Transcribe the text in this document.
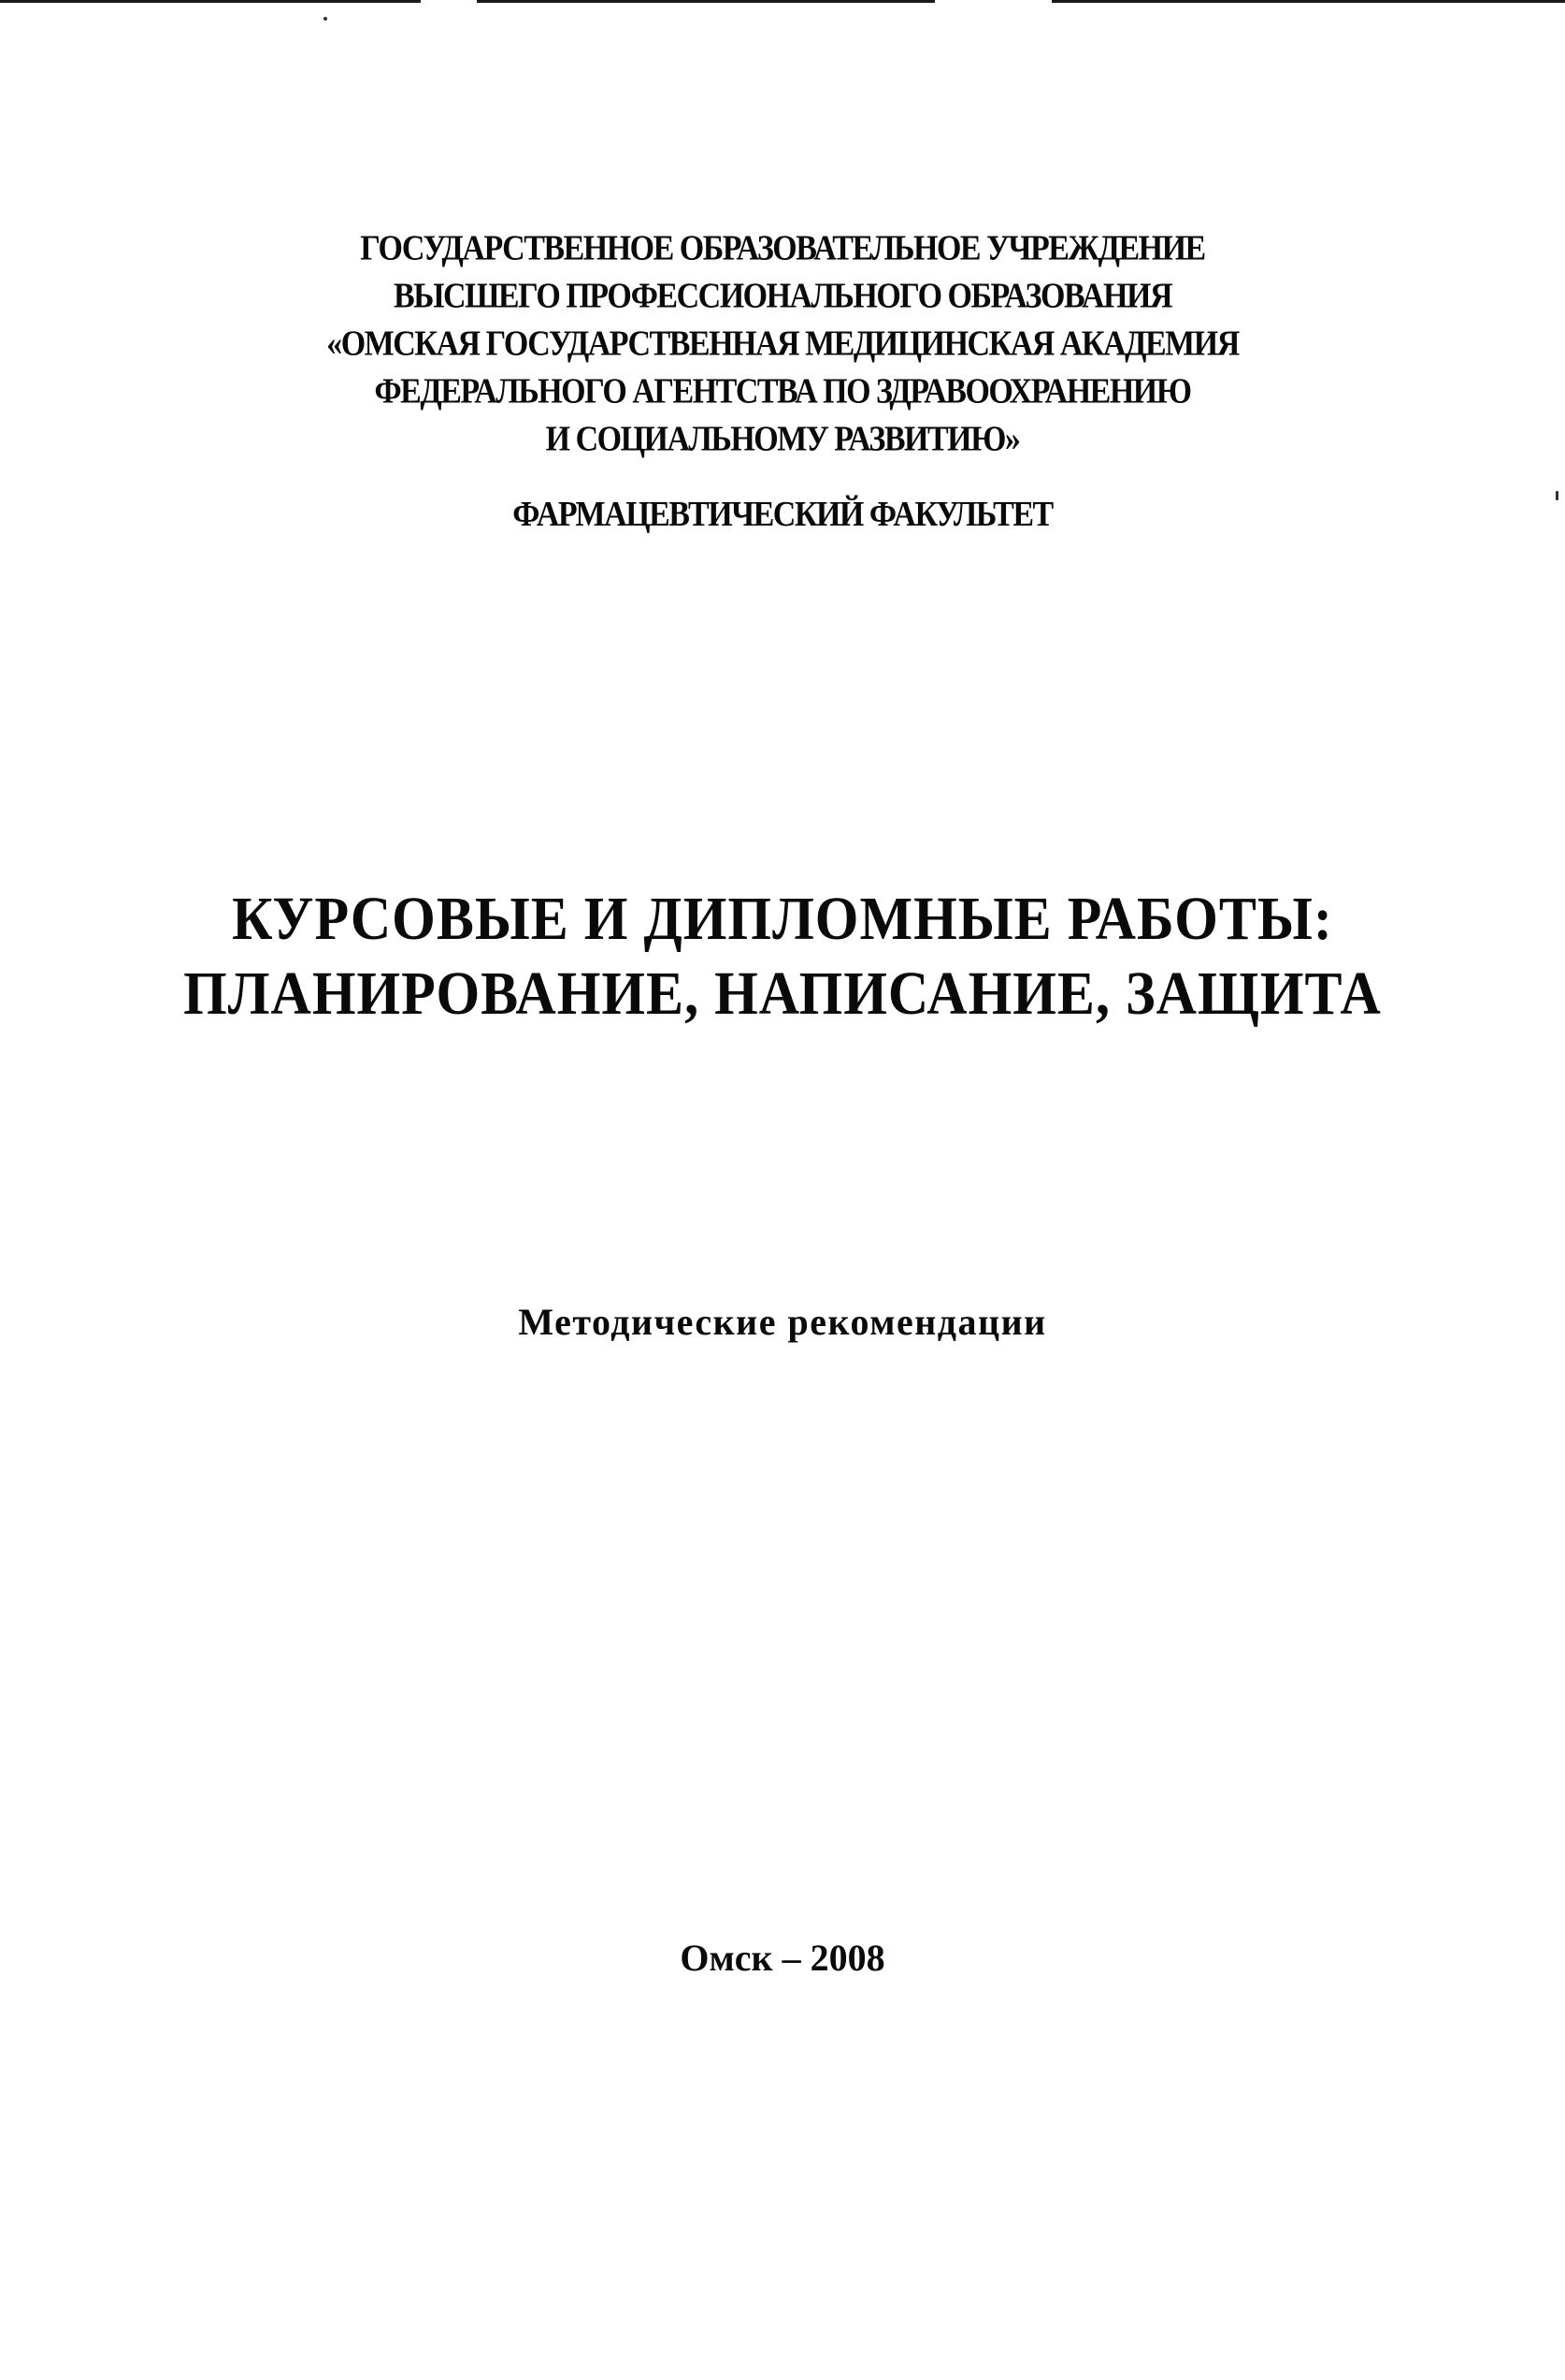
ГОСУДАРСТВЕННОЕ ОБРАЗОВАТЕЛЬНОЕ УЧРЕЖДЕНИЕ
ВЫСШЕГО ПРОФЕССИОНАЛЬНОГО ОБРАЗОВАНИЯ
«ОМСКАЯ ГОСУДАРСТВЕННАЯ МЕДИЦИНСКАЯ АКАДЕМИЯ
ФЕДЕРАЛЬНОГО АГЕНТСТВА ПО ЗДРАВООХРАНЕНИЮ
И СОЦИАЛЬНОМУ РАЗВИТИЮ»
ФАРМАЦЕВТИЧЕСКИЙ ФАКУЛЬТЕТ
КУРСОВЫЕ И ДИПЛОМНЫЕ РАБОТЫ:
ПЛАНИРОВАНИЕ, НАПИСАНИЕ, ЗАЩИТА
Методические рекомендации
Омск – 2008
